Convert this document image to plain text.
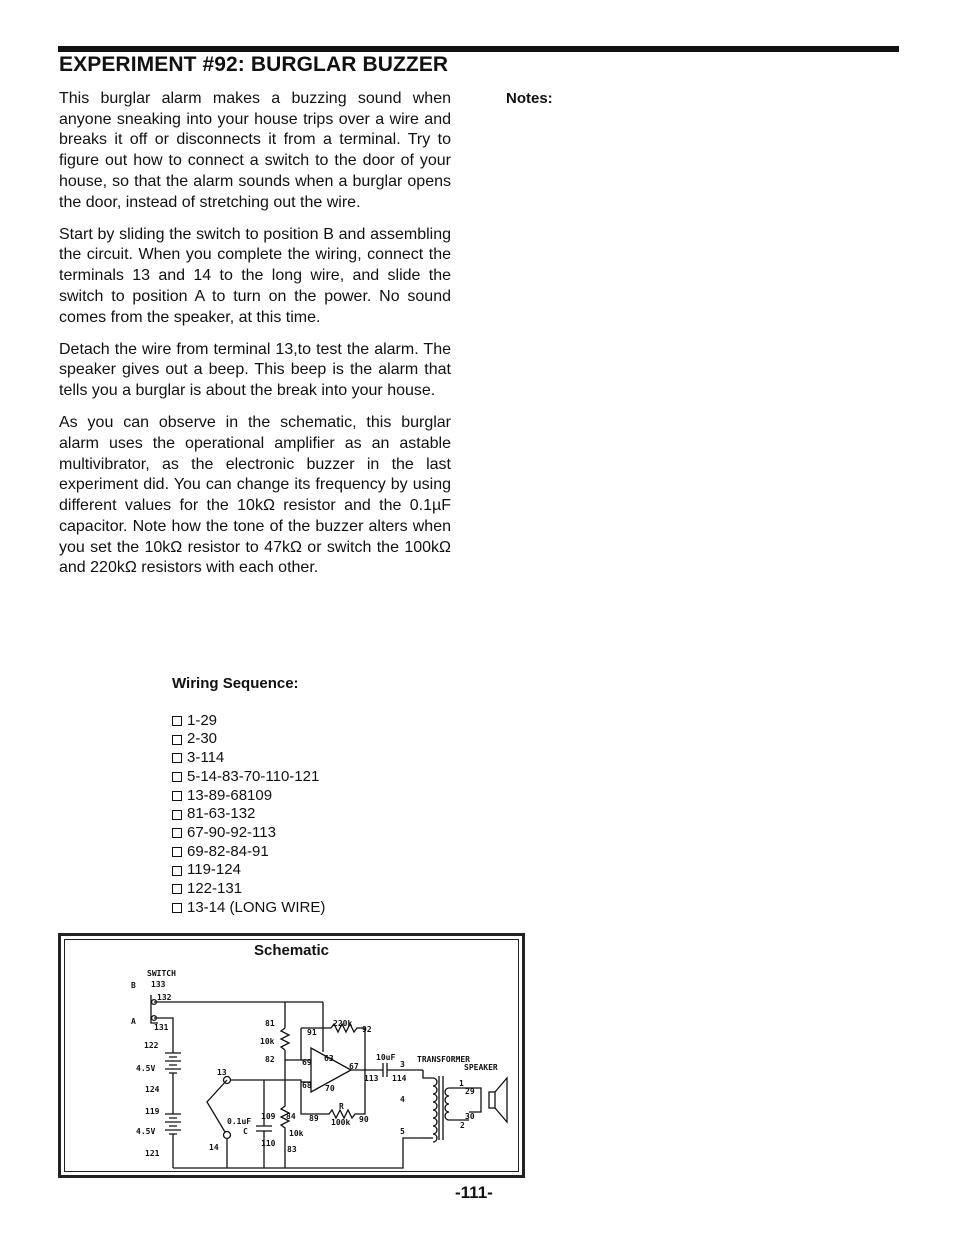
EXPERIMENT #92: BURGLAR BUZZER

This burglar alarm makes a buzzing sound when anyone sneaking into your house trips over a wire and breaks it off or disconnects it from a terminal. Try to figure out how to connect a switch to the door of your house, so that the alarm sounds when a burglar opens the door, instead of stretching out the wire.

Start by sliding the switch to position B and assembling the circuit. When you complete the wiring, connect the terminals 13 and 14 to the long wire, and slide the switch to position A to turn on the power. No sound comes from the speaker, at this time.

Detach the wire from terminal 13,to test the alarm. The speaker gives out a beep. This beep is the alarm that tells you a burglar is about the break into your house.

As you can observe in the schematic, this burglar alarm uses the operational amplifier as an astable multivibrator, as the electronic buzzer in the last experiment did. You can change its frequency by using different values for the 10kΩ resistor and the 0.1µF capacitor. Note how the tone of the buzzer alters when you set the 10kΩ resistor to 47kΩ or switch the 100kΩ and 220kΩ resistors with each other.

Notes:
Wiring Sequence:
1-29
2-30
3-114
5-14-83-70-110-121
13-89-68109
81-63-132
67-90-92-113
69-82-84-91
119-124
122-131
13-14 (LONG WIRE)
Schematic
SWITCH
133
B
132
A
131
122
4.5V
124
119
4.5V
121
81
10k
82
91
220k
92
69 63
67
68 70
R
100k
89	90
13
14
0.1uF
C
109
110
84
10k
83
10uF
3
113 114
TRANSFORMER
SPEAKER
1
29
4
30
2
5
-111-
